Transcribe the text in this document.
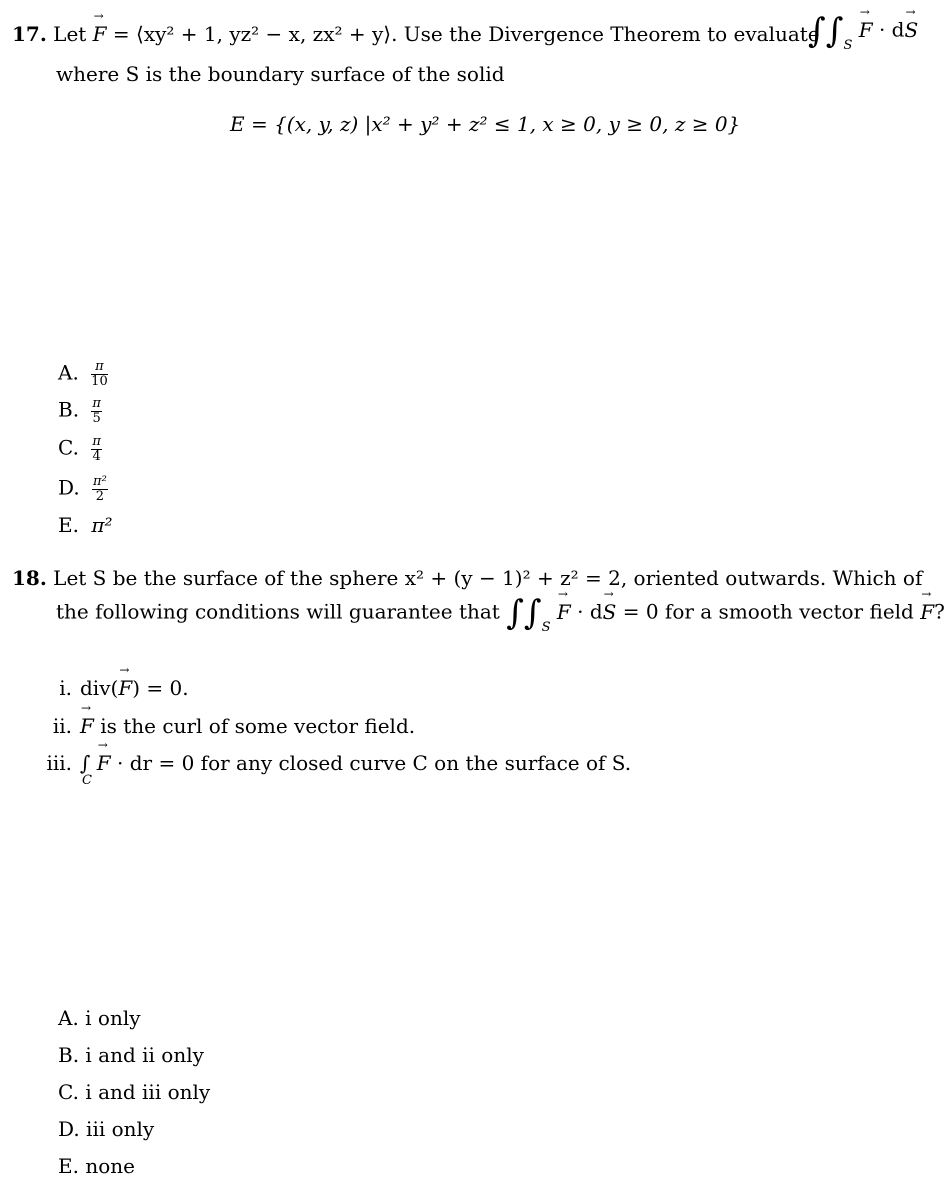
17. Let → F = ⟨xy² + 1, yz² − x, zx² + y⟩. Use the Divergence Theorem to evaluate
$\int\int_S \to F \cdot d\to S$
where S is the boundary surface of the solid
E = {(x, y, z) |x² + y² + z² ≤ 1, x ≥ 0, y ≥ 0, z ≥ 0}
A. $\frac{\pi}{10}$
B. $\frac{\pi}{5}$
C. $\frac{\pi}{4}$
D. $\frac{\text{π²}}{2}$
E. π²
18. Let S be the surface of the sphere x² + (y − 1)² + z² = 2, oriented outwards. Which of
the following conditions will guarantee that $\int\int_S \to F \cdot d\to S = 0$ for a smooth vector field → F?
i. div(→ F) = 0.
ii. → F is the curl of some vector field.
iii. ∫
C
→ F · dr = 0 for any closed curve C on the surface of S.
A. i only
B. i and ii only
C. i and iii only
D. iii only
E. none
